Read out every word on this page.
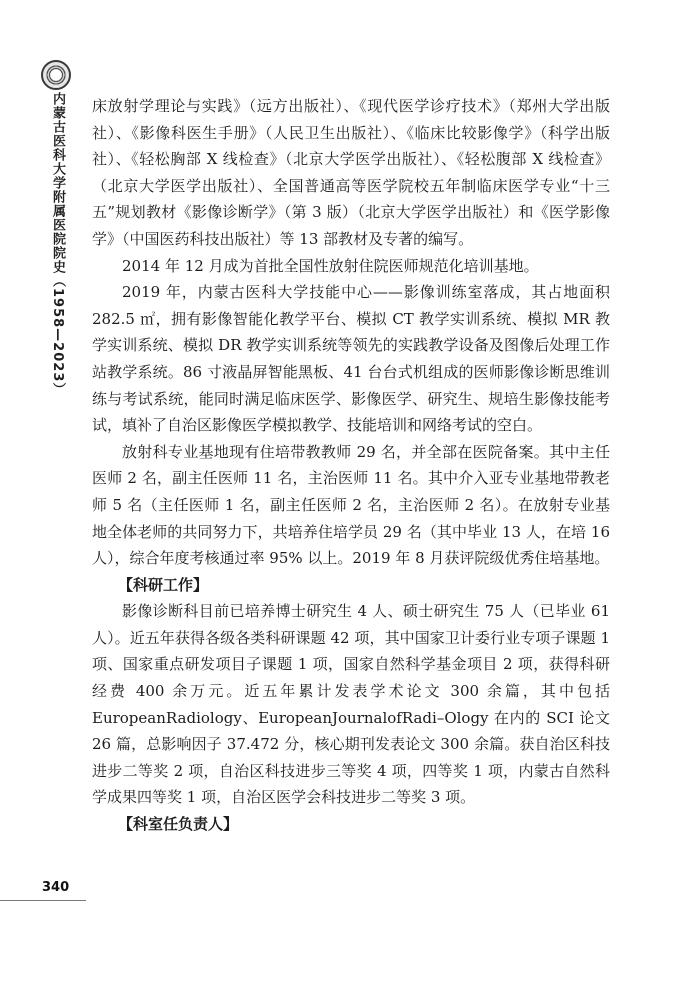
内蒙古医科大学附属医院院史（1958—2023）
340

床放射学理论与实践》（远方出版社）、《现代医学诊疗技术》（郑州大学出版社）、《影像科医生手册》（人民卫生出版社）、《临床比较影像学》（科学出版社）、《轻松胸部 X 线检查》（北京大学医学出版社）、《轻松腹部 X 线检查》（北京大学医学出版社）、全国普通高等医学院校五年制临床医学专业“十三五”规划教材《影像诊断学》（第 3 版）（北京大学医学出版社）和《医学影像学》（中国医药科技出版社）等 13 部教材及专著的编写。

2014 年 12 月成为首批全国性放射住院医师规范化培训基地。

2019 年，内蒙古医科大学技能中心——影像训练室落成，其占地面积 282.5 ㎡，拥有影像智能化教学平台、模拟 CT 教学实训系统、模拟 MR 教学实训系统、模拟 DR 教学实训系统等领先的实践教学设备及图像后处理工作站教学系统。86 寸液晶屏智能黑板、41 台台式机组成的医师影像诊断思维训练与考试系统，能同时满足临床医学、影像医学、研究生、规培生影像技能考试，填补了自治区影像医学模拟教学、技能培训和网络考试的空白。

放射科专业基地现有住培带教教师 29 名，并全部在医院备案。其中主任医师 2 名，副主任医师 11 名，主治医师 11 名。其中介入亚专业基地带教老师 5 名（主任医师 1 名，副主任医师 2 名，主治医师 2 名）。在放射专业基地全体老师的共同努力下，共培养住培学员 29 名（其中毕业 13 人，在培 16 人），综合年度考核通过率 95% 以上。2019 年 8 月获评院级优秀住培基地。

【科研工作】

影像诊断科目前已培养博士研究生 4 人、硕士研究生 75 人（已毕业 61 人）。近五年获得各级各类科研课题 42 项，其中国家卫计委行业专项子课题 1 项、国家重点研发项目子课题 1 项，国家自然科学基金项目 2 项，获得科研经费 400 余万元。近五年累计发表学术论文 300 余篇，其中包括 EuropeanRadiology、EuropeanJournalofRadi–Ology 在内的 SCI 论文 26 篇，总影响因子 37.472 分，核心期刊发表论文 300 余篇。获自治区科技进步二等奖 2 项，自治区科技进步三等奖 4 项，四等奖 1 项，内蒙古自然科学成果四等奖 1 项，自治区医学会科技进步二等奖 3 项。

【科室任负责人】
